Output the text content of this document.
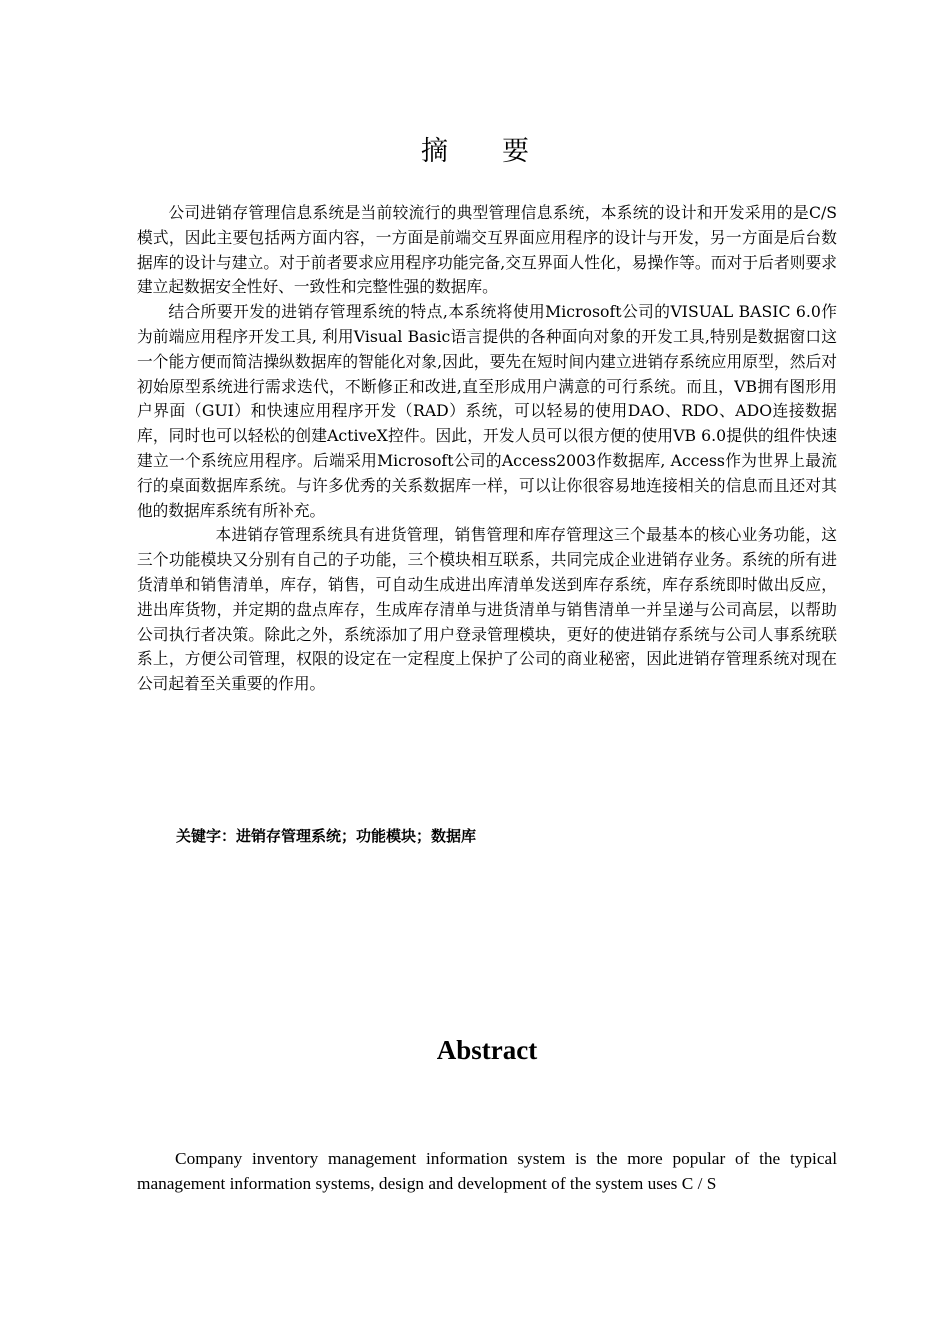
摘　　要

公司进销存管理信息系统是当前较流行的典型管理信息系统，本系统的设计和开发采用的是C/S模式，因此主要包括两方面内容，一方面是前端交互界面应用程序的设计与开发，另一方面是后台数据库的设计与建立。对于前者要求应用程序功能完备,交互界面人性化，易操作等。而对于后者则要求建立起数据安全性好、一致性和完整性强的数据库。

结合所要开发的进销存管理系统的特点,本系统将使用Microsoft公司的VISUAL BASIC 6.0作为前端应用程序开发工具, 利用Visual Basic语言提供的各种面向对象的开发工具,特别是数据窗口这一个能方便而简洁操纵数据库的智能化对象,因此，要先在短时间内建立进销存系统应用原型，然后对初始原型系统进行需求迭代，不断修正和改进,直至形成用户满意的可行系统。而且，VB拥有图形用户界面（GUI）和快速应用程序开发（RAD）系统，可以轻易的使用DAO、RDO、ADO连接数据库，同时也可以轻松的创建ActiveX控件。因此，开发人员可以很方便的使用VB 6.0提供的组件快速建立一个系统应用程序。后端采用Microsoft公司的Access2003作数据库, Access作为世界上最流行的桌面数据库系统。与许多优秀的关系数据库一样，可以让你很容易地连接相关的信息而且还对其他的数据库系统有所补充。

本进销存管理系统具有进货管理，销售管理和库存管理这三个最基本的核心业务功能，这三个功能模块又分别有自己的子功能，三个模块相互联系，共同完成企业进销存业务。系统的所有进货清单和销售清单，库存，销售，可自动生成进出库清单发送到库存系统，库存系统即时做出反应，进出库货物，并定期的盘点库存，生成库存清单与进货清单与销售清单一并呈递与公司高层，以帮助公司执行者决策。除此之外，系统添加了用户登录管理模块，更好的使进销存系统与公司人事系统联系上，方便公司管理，权限的设定在一定程度上保护了公司的商业秘密，因此进销存管理系统对现在公司起着至关重要的作用。

关键字：进销存管理系统；功能模块；数据库
Abstract

Company inventory management information system is the more popular of the typical management information systems, design and development of the system uses C / S
